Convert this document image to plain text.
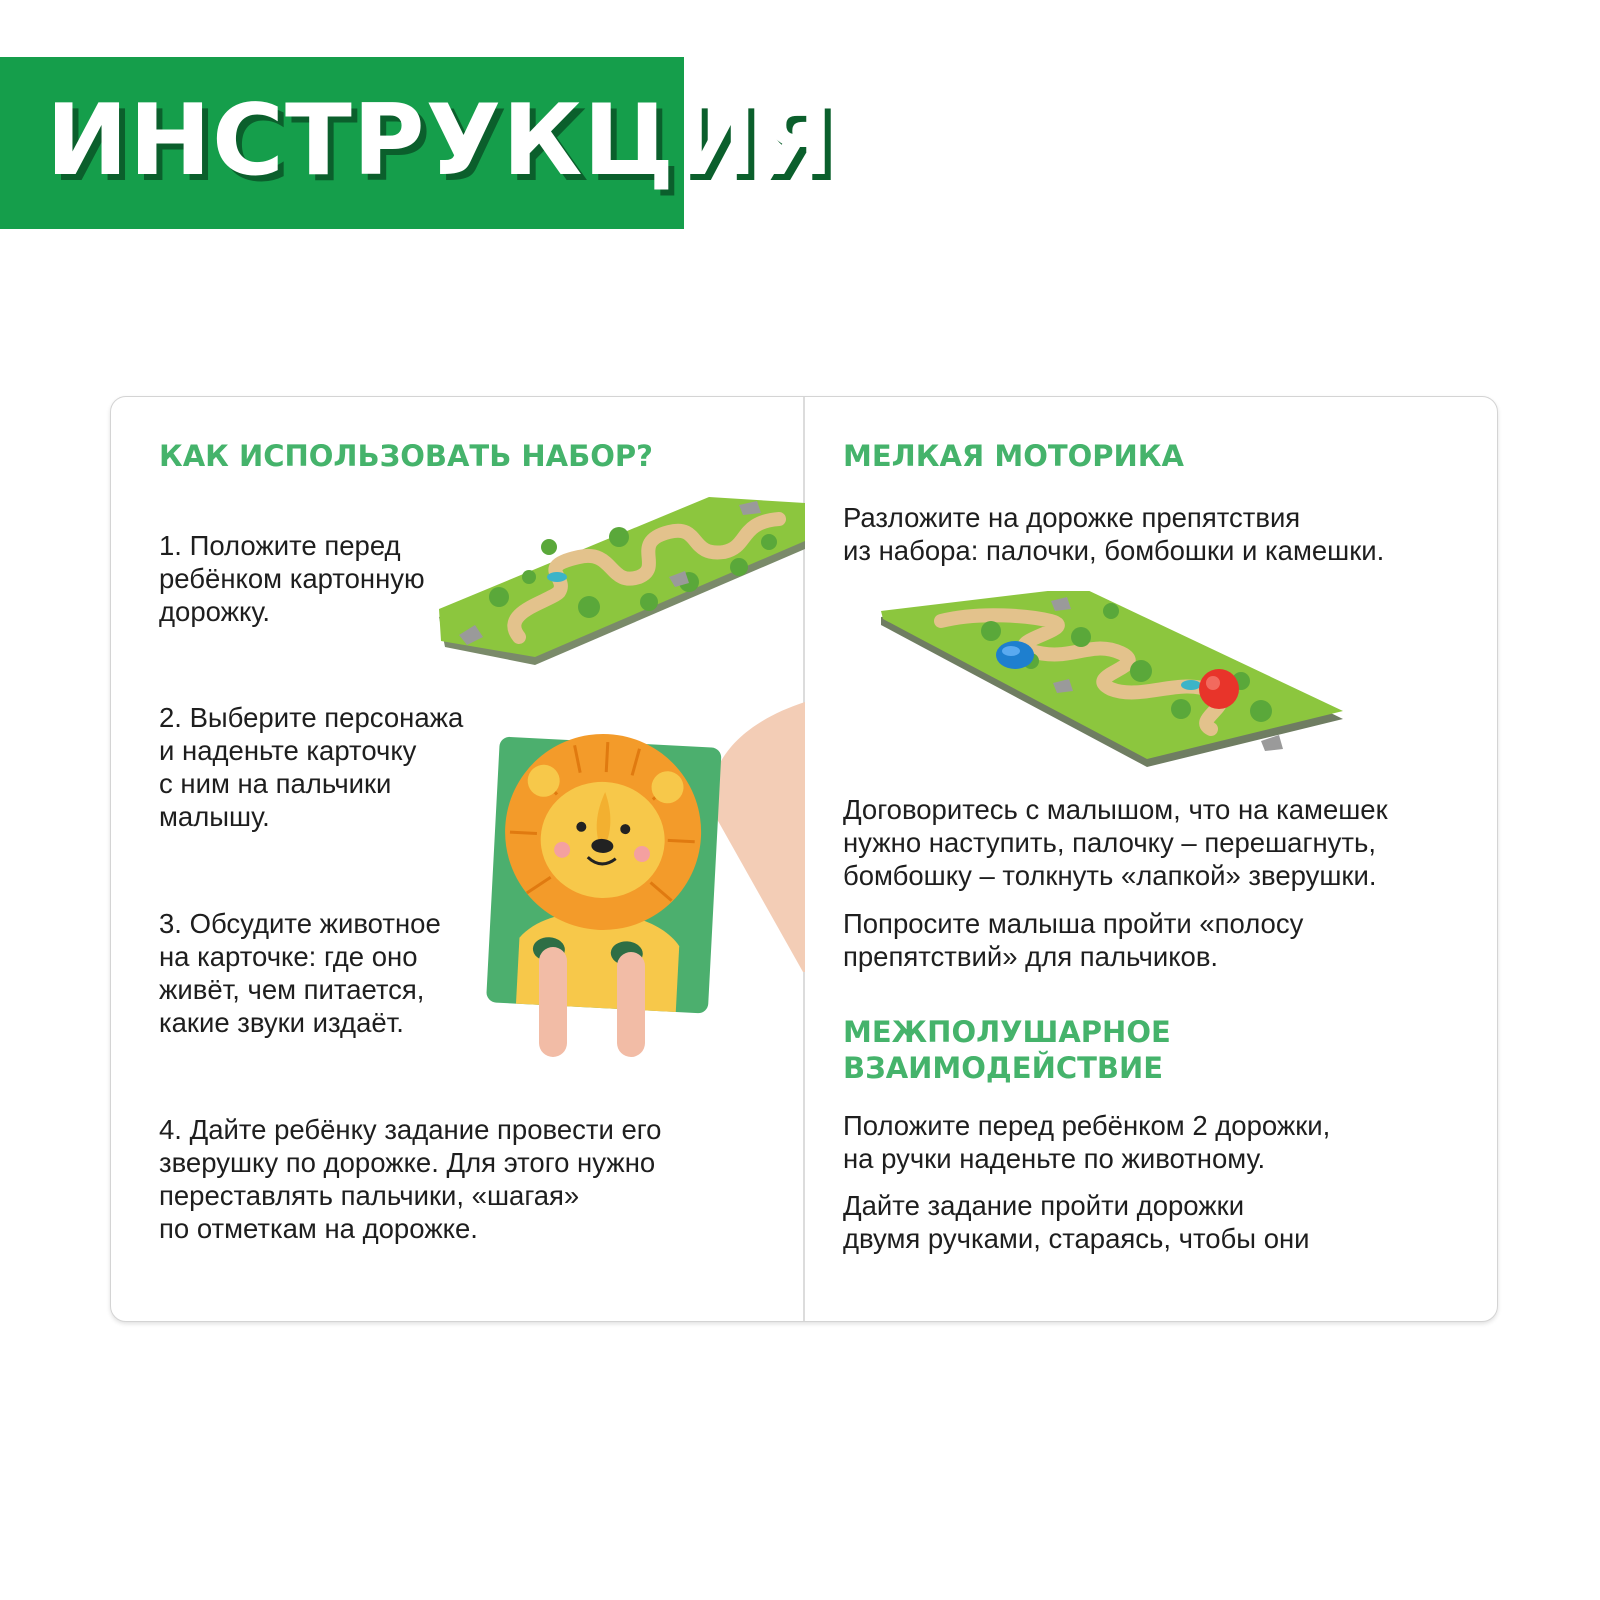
ИНСТРУКЦИЯ
КАК ИСПОЛЬЗОВАТЬ НАБОР?

1. Положите перед
ребёнком картонную
дорожку.

2. Выберите персонажа
и наденьте карточку
с ним на пальчики
малышу.

3. Обсудите животное
на карточке: где оно
живёт, чем питается,
какие звуки издаёт.

4. Дайте ребёнку задание провести его
зверушку по дорожке. Для этого нужно
переставлять пальчики, «шагая»
по отметкам на дорожке.

МЕЛКАЯ МОТОРИКА

Разложите на дорожке препятствия
из набора: палочки, бомбошки и камешки.

Договоритесь с малышом, что на камешек
нужно наступить, палочку – перешагнуть,
бомбошку – толкнуть «лапкой» зверушки.

Попросите малыша пройти «полосу
препятствий» для пальчиков.

МЕЖПОЛУШАРНОЕ
ВЗАИМОДЕЙСТВИЕ

Положите перед ребёнком 2 дорожки,
на ручки наденьте по животному.

Дайте задание пройти дорожки
двумя ручками, стараясь, чтобы они
